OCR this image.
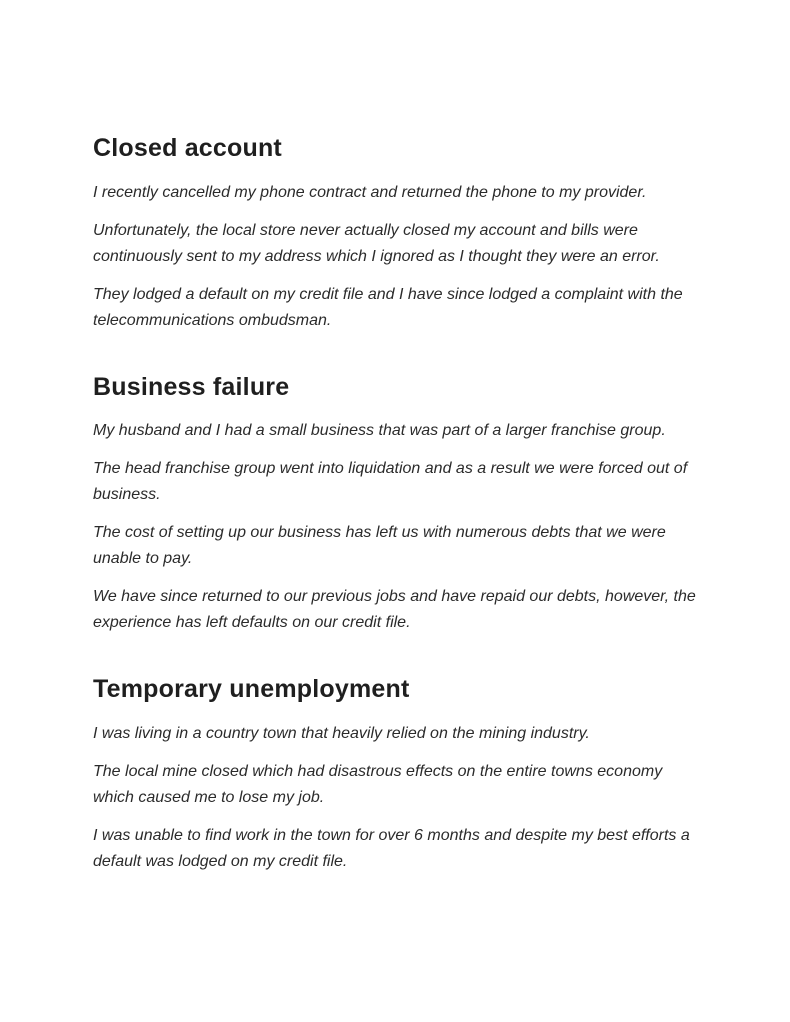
Closed account

I recently cancelled my phone contract and returned the phone to my provider.

Unfortunately, the local store never actually closed my account and bills were continuously sent to my address which I ignored as I thought they were an error.

They lodged a default on my credit file and I have since lodged a complaint with the telecommunications ombudsman.

Business failure

My husband and I had a small business that was part of a larger franchise group.

The head franchise group went into liquidation and as a result we were forced out of business.

The cost of setting up our business has left us with numerous debts that we were unable to pay.

We have since returned to our previous jobs and have repaid our debts, however, the experience has left defaults on our credit file.

Temporary unemployment

I was living in a country town that heavily relied on the mining industry.

The local mine closed which had disastrous effects on the entire towns economy which caused me to lose my job.

I was unable to find work in the town for over 6 months and despite my best efforts a default was lodged on my credit file.
